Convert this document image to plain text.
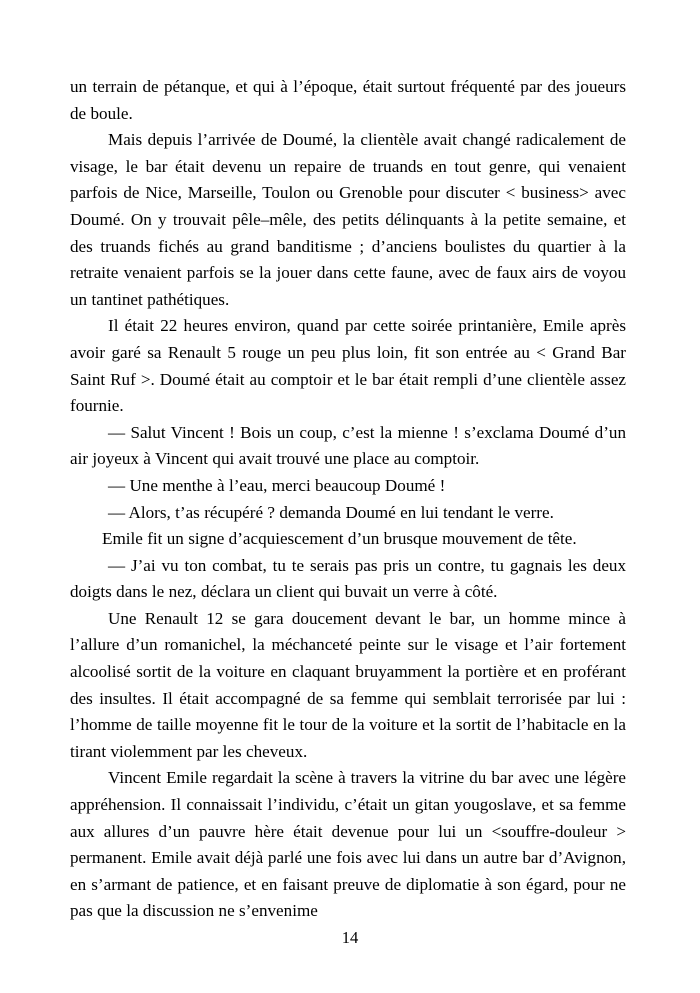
un terrain de pétanque, et qui à l’époque, était surtout fréquenté par des joueurs de boule.

Mais depuis l’arrivée de Doumé, la clientèle avait changé radicalement de visage, le bar était devenu un repaire de truands en tout genre, qui venaient parfois de Nice, Marseille, Toulon ou Grenoble pour discuter < business> avec Doumé. On y trouvait pêle–mêle, des petits délinquants à la petite semaine, et des truands fichés au grand banditisme ; d’anciens boulistes du quartier à la retraite venaient parfois se la jouer dans cette faune, avec de faux airs de voyou un tantinet pathétiques.

Il était 22 heures environ, quand par cette soirée printanière, Emile après avoir garé sa Renault 5 rouge un peu plus loin, fit son entrée au < Grand Bar Saint Ruf >. Doumé était au comptoir et le bar était rempli d’une clientèle assez fournie.

— Salut Vincent ! Bois un coup, c’est la mienne ! s’exclama Doumé d’un air joyeux à Vincent qui avait trouvé une place au comptoir.

— Une menthe à l’eau, merci beaucoup Doumé !

— Alors, t’as récupéré ? demanda Doumé en lui tendant le verre.

Emile fit un signe d’acquiescement d’un brusque mouvement de tête.

— J’ai vu ton combat, tu te serais pas pris un contre, tu gagnais les deux doigts dans le nez, déclara un client qui buvait un verre à côté.

Une Renault 12 se gara doucement devant le bar, un homme mince à l’allure d’un romanichel, la méchanceté peinte sur le visage et l’air fortement alcoolisé sortit de la voiture en claquant bruyamment la portière et en proférant des insultes. Il était accompagné de sa femme qui semblait terrorisée par lui : l’homme de taille moyenne fit le tour de la voiture et la sortit de l’habitacle en la tirant violemment par les cheveux.

Vincent Emile regardait la scène à travers la vitrine du bar avec une légère appréhension. Il connaissait l’individu, c’était un gitan yougoslave, et sa femme aux allures d’un pauvre hère était devenue pour lui un <souffre-douleur > permanent. Emile avait déjà parlé une fois avec lui dans un autre bar d’Avignon, en s’armant de patience, et en faisant preuve de diplomatie à son égard, pour ne pas que la discussion ne s’envenime

14
